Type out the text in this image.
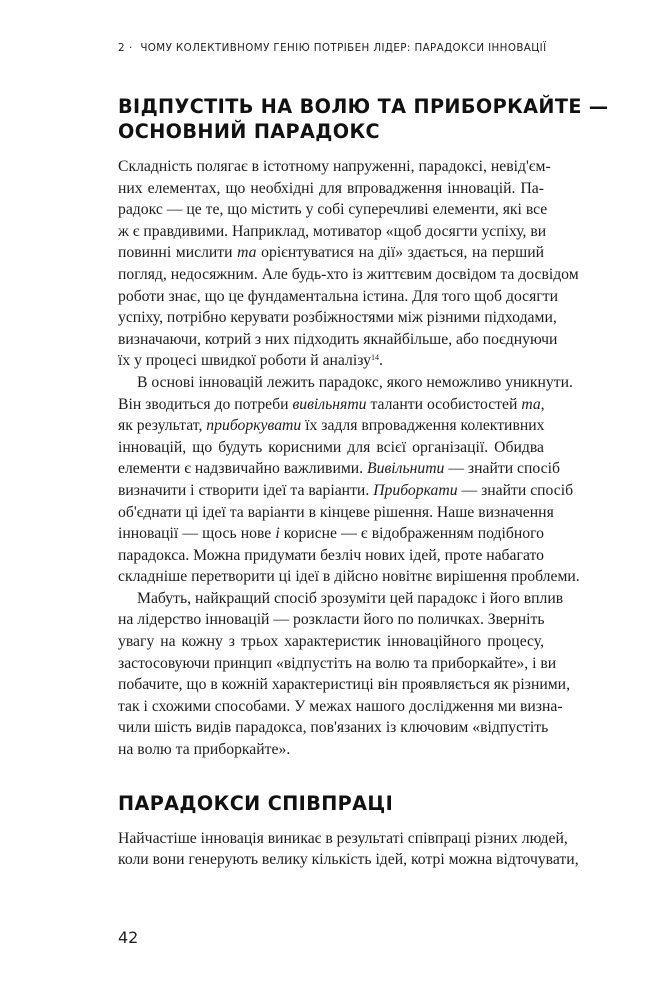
2 · ЧОМУ КОЛЕКТИВНОМУ ГЕНІЮ ПОТРІБЕН ЛІДЕР: ПАРАДОКСИ ІННОВАЦІЇ
ВІДПУСТІТЬ НА ВОЛЮ ТА ПРИБОРКАЙТЕ —
ОСНОВНИЙ ПАРАДОКС

Складність полягає в істотному напруженні, парадоксі, невід'єм-
них елементах, що необхідні для впровадження інновацій. Па-
радокс — це те, що містить у собі суперечливі елементи, які все
ж є правдивими. Наприклад, мотиватор «щоб досягти успіху, ви
повинні мислити та орієнтуватися на дії» здається, на перший
погляд, недосяжним. Але будь-хто із життєвим досвідом та досвідом
роботи знає, що це фундаментальна істина. Для того щоб досягти
успіху, потрібно керувати розбіжностями між різними підходами,
визначаючи, котрий з них підходить якнайбільше, або поєднуючи
їх у процесі швидкої роботи й аналізу$^{14}$.

В основі інновацій лежить парадокс, якого неможливо уникнути.
Він зводиться до потреби вивільняти таланти особистостей та,
як результат, приборкувати їх задля впровадження колективних
інновацій, що будуть корисними для всієї організації. Обидва
елементи є надзвичайно важливими. Вивільнити — знайти спосіб
визначити і створити ідеї та варіанти. Приборкати — знайти спосіб
об'єднати ці ідеї та варіанти в кінцеве рішення. Наше визначення
інновації — щось нове і корисне — є відображенням подібного
парадокса. Можна придумати безліч нових ідей, проте набагато
складніше перетворити ці ідеї в дійсно новітнє вирішення проблеми.

Мабуть, найкращий спосіб зрозуміти цей парадокс і його вплив
на лідерство інновацій — розкласти його по поличках. Зверніть
увагу на кожну з трьох характеристик інноваційного процесу,
застосовуючи принцип «відпустіть на волю та приборкайте», і ви
побачите, що в кожній характеристиці він проявляється як різними,
так і схожими способами. У межах нашого дослідження ми визна-
чили шість видів парадокса, пов'язаних із ключовим «відпустіть
на волю та приборкайте».

ПАРАДОКСИ СПІВПРАЦІ

Найчастіше інновація виникає в результаті співпраці різних людей,
коли вони генерують велику кількість ідей, котрі можна відточувати,

42
